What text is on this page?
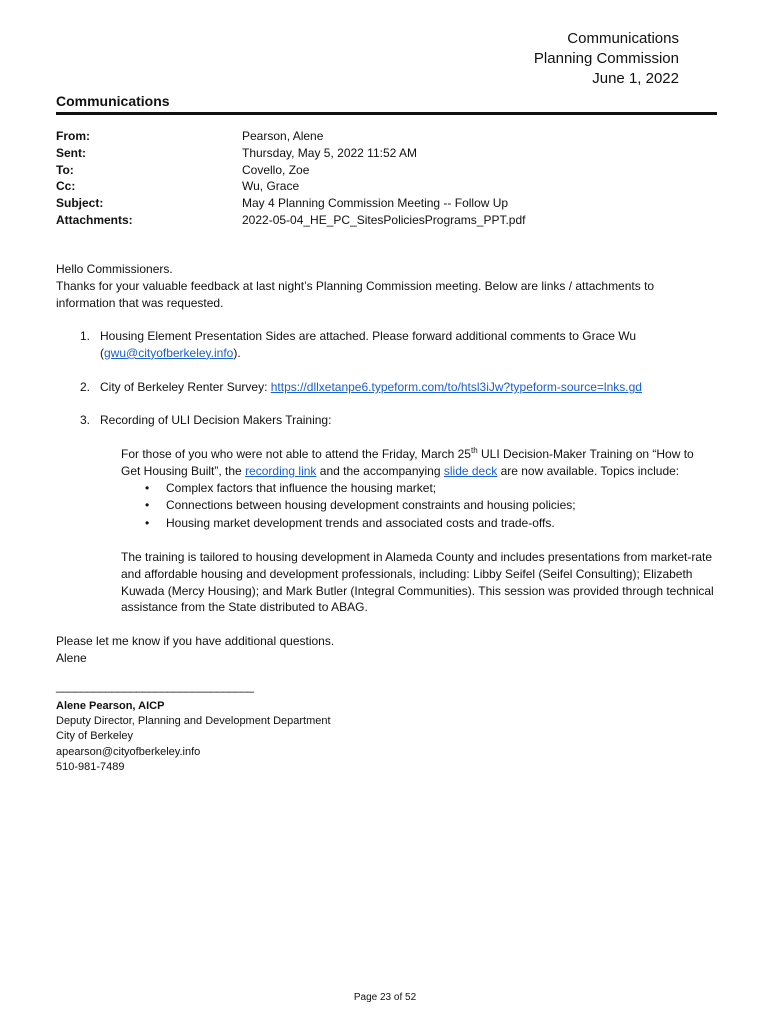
Communications
Planning Commission
June 1, 2022
Communications
From:	Pearson, Alene
Sent:	Thursday, May 5, 2022 11:52 AM
To:	Covello, Zoe
Cc:	Wu, Grace
Subject:	May 4 Planning Commission Meeting -- Follow Up
Attachments:	2022-05-04_HE_PC_SitesPoliciesPrograms_PPT.pdf

Hello Commissioners.

Thanks for your valuable feedback at last night’s Planning Commission meeting. Below are links / attachments to information that was requested.

1. Housing Element Presentation Sides are attached. Please forward additional comments to Grace Wu
(gwu@cityofberkeley.info).
2. City of Berkeley Renter Survey: https://dllxetanpe6.typeform.com/to/htsl3iJw?typeform-source=lnks.gd
3. Recording of ULI Decision Makers Training:
For those of you who were not able to attend the Friday, March 25th ULI Decision-Maker Training on “How to Get Housing Built”, the recording link and the accompanying slide deck are now available. Topics include:
•	Complex factors that influence the housing market;
•	Connections between housing development constraints and housing policies;
•	Housing market development trends and associated costs and trade-offs.
The training is tailored to housing development in Alameda County and includes presentations from market-rate and affordable housing and development professionals, including: Libby Seifel (Seifel Consulting); Elizabeth Kuwada (Mercy Housing); and Mark Butler (Integral Communities). This session was provided through technical assistance from the State distributed to ABAG.
Please let me know if you have additional questions.
Alene
________________________________
Alene Pearson, AICP
Deputy Director, Planning and Development Department
City of Berkeley
apearson@cityofberkeley.info
510-981-7489
Page 23 of 52
